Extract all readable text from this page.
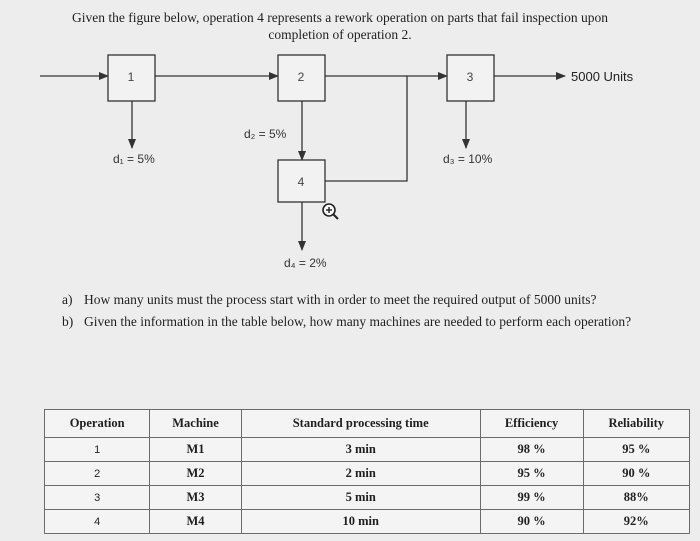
Given the figure below, operation 4 represents a rework operation on parts that fail inspection upon
completion of operation 2.
1	2	3
4
5000 Units
d₁ = 5%
d₂ = 5%
d₃ = 10%
d₄ = 2%
a) How many units must the process start with in order to meet the required output of 5000 units?
b) Given the information in the table below, how many machines are needed to perform each operation?
Operation	Machine	Standard processing time	Efficiency	Reliability
1	M1	3 min	98 %	95 %
2	M2	2 min	95 %	90 %
3	M3	5 min	99 %	88%
4	M4	10 min	90 %	92%
